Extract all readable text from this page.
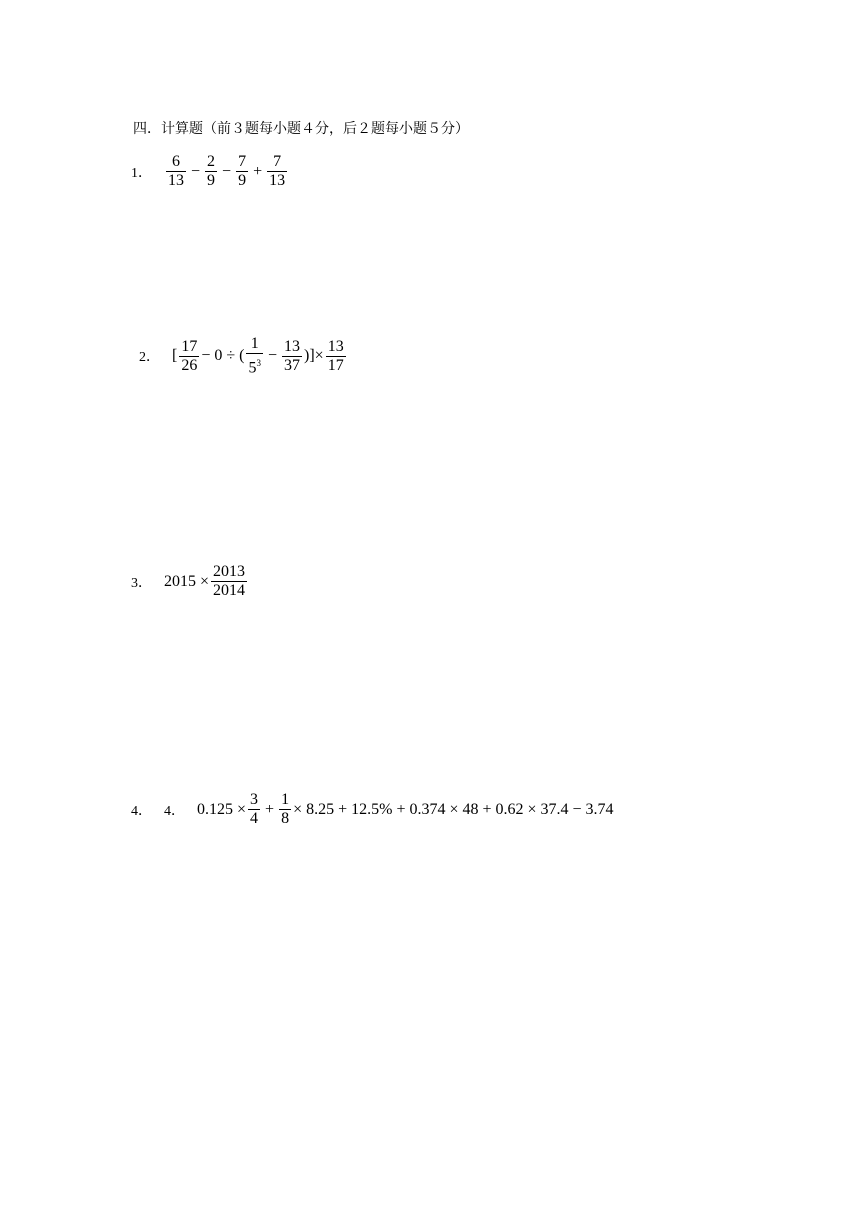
四．计算题（前３题每小题４分，后２题每小题５分）
1． $\frac{6}{13} - \frac{2}{9} - \frac{7}{9} + \frac{7}{13}$
2． [ $\frac{17}{26} - 0$ ÷ ( $\frac{1}{5^3} - \frac{13}{37}$ )]× $\frac{13}{17}$
3． $2015 \times \frac{2013}{2014}$
4． 4． $0.125 \times \frac{3}{4} + \frac{1}{8} \times 8.25 + 12.5\% + 0.374 \times 48 + 0.62 \times 37.4 - 3.74$
